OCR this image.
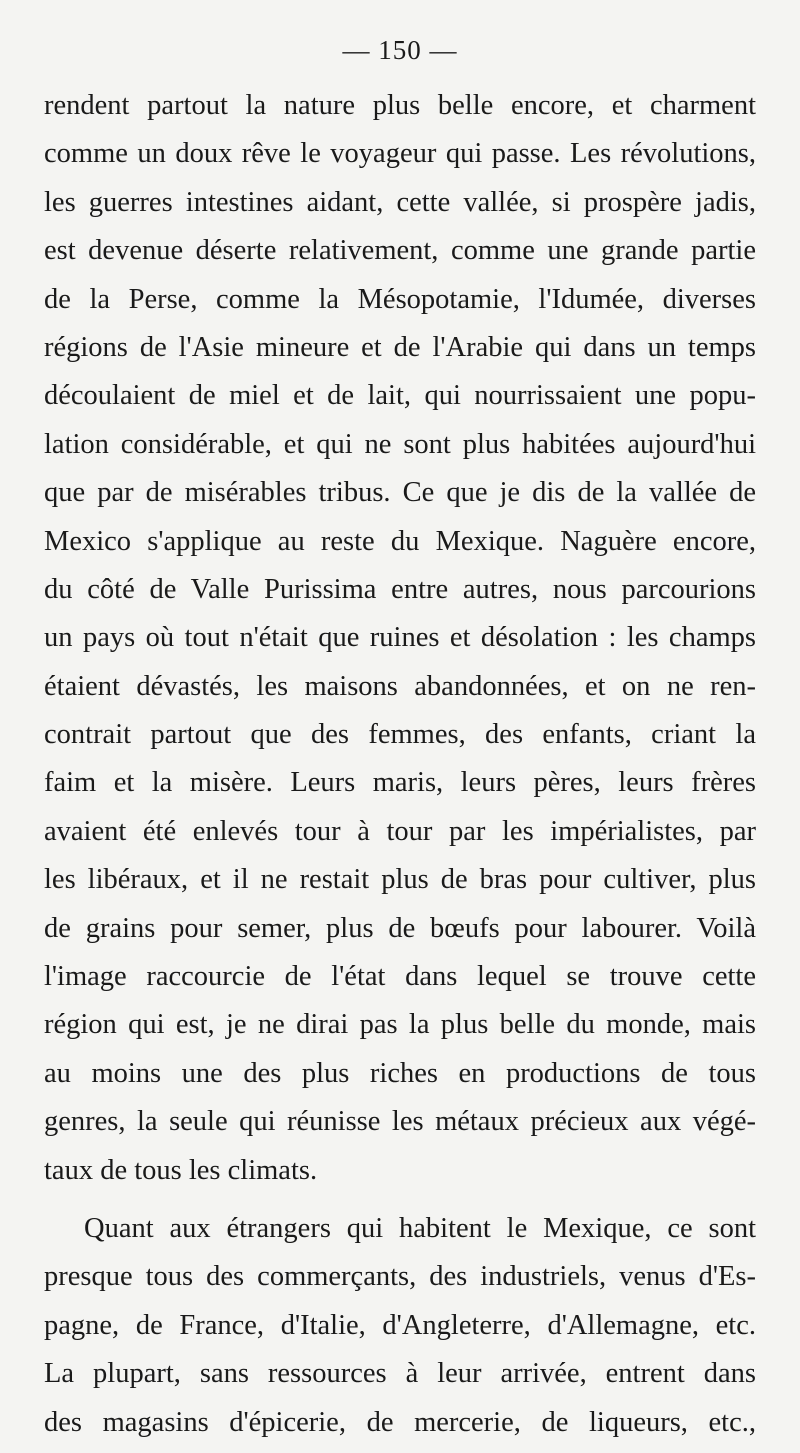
— 150 —
rendent partout la nature plus belle encore, et charment
comme un doux rêve le voyageur qui passe. Les révolutions,
les guerres intestines aidant, cette vallée, si prospère jadis,
est devenue déserte relativement, comme une grande partie
de la Perse, comme la Mésopotamie, l'Idumée, diverses
régions de l'Asie mineure et de l'Arabie qui dans un temps
découlaient de miel et de lait, qui nourrissaient une popu-
lation considérable, et qui ne sont plus habitées aujourd'hui
que par de misérables tribus. Ce que je dis de la vallée de
Mexico s'applique au reste du Mexique. Naguère encore,
du côté de Valle Purissima entre autres, nous parcourions
un pays où tout n'était que ruines et désolation : les champs
étaient dévastés, les maisons abandonnées, et on ne ren-
contrait partout que des femmes, des enfants, criant la
faim et la misère. Leurs maris, leurs pères, leurs frères
avaient été enlevés tour à tour par les impérialistes, par
les libéraux, et il ne restait plus de bras pour cultiver, plus
de grains pour semer, plus de bœufs pour labourer. Voilà
l'image raccourcie de l'état dans lequel se trouve cette
région qui est, je ne dirai pas la plus belle du monde, mais
au moins une des plus riches en productions de tous
genres, la seule qui réunisse les métaux précieux aux végé-
taux de tous les climats.
Quant aux étrangers qui habitent le Mexique, ce sont
presque tous des commerçants, des industriels, venus d'Es-
pagne, de France, d'Italie, d'Angleterre, d'Allemagne, etc.
La plupart, sans ressources à leur arrivée, entrent dans
des magasins d'épicerie, de mercerie, de liqueurs, etc.,
